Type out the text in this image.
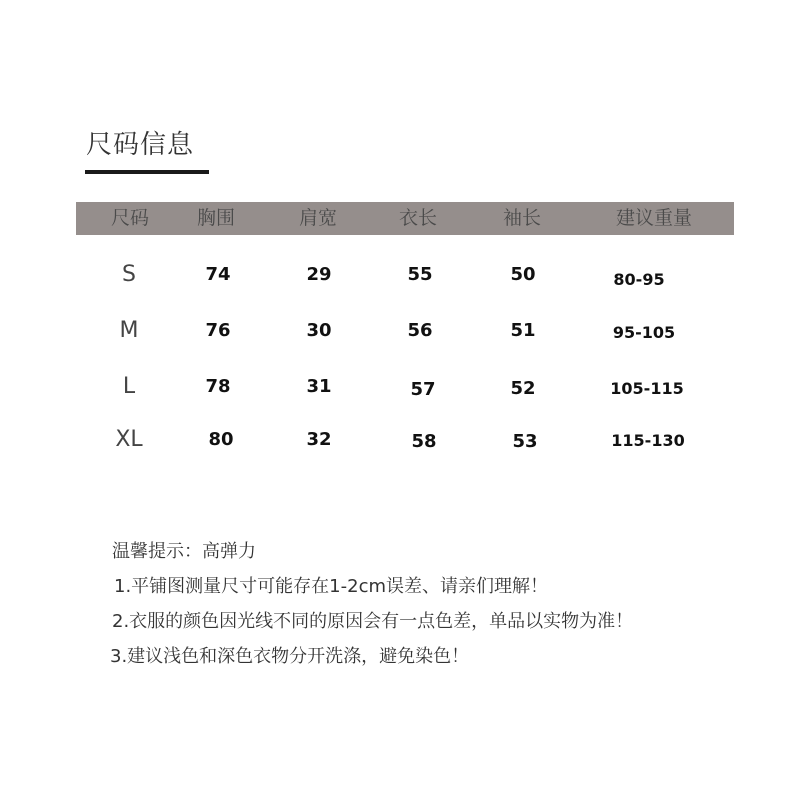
尺码信息
尺码	胸围	肩宽	衣长	袖长	建议重量
S	74	29	55	50	80-95
M	76	30	56	51	95-105
L	78	31	57	52	105-115
XL	80	32	58	53	115-130
温馨提示：高弹力
1.平铺图测量尺寸可能存在1-2cm误差、请亲们理解！
2.衣服的颜色因光线不同的原因会有一点色差，单品以实物为准！
3.建议浅色和深色衣物分开洗涤，避免染色！
